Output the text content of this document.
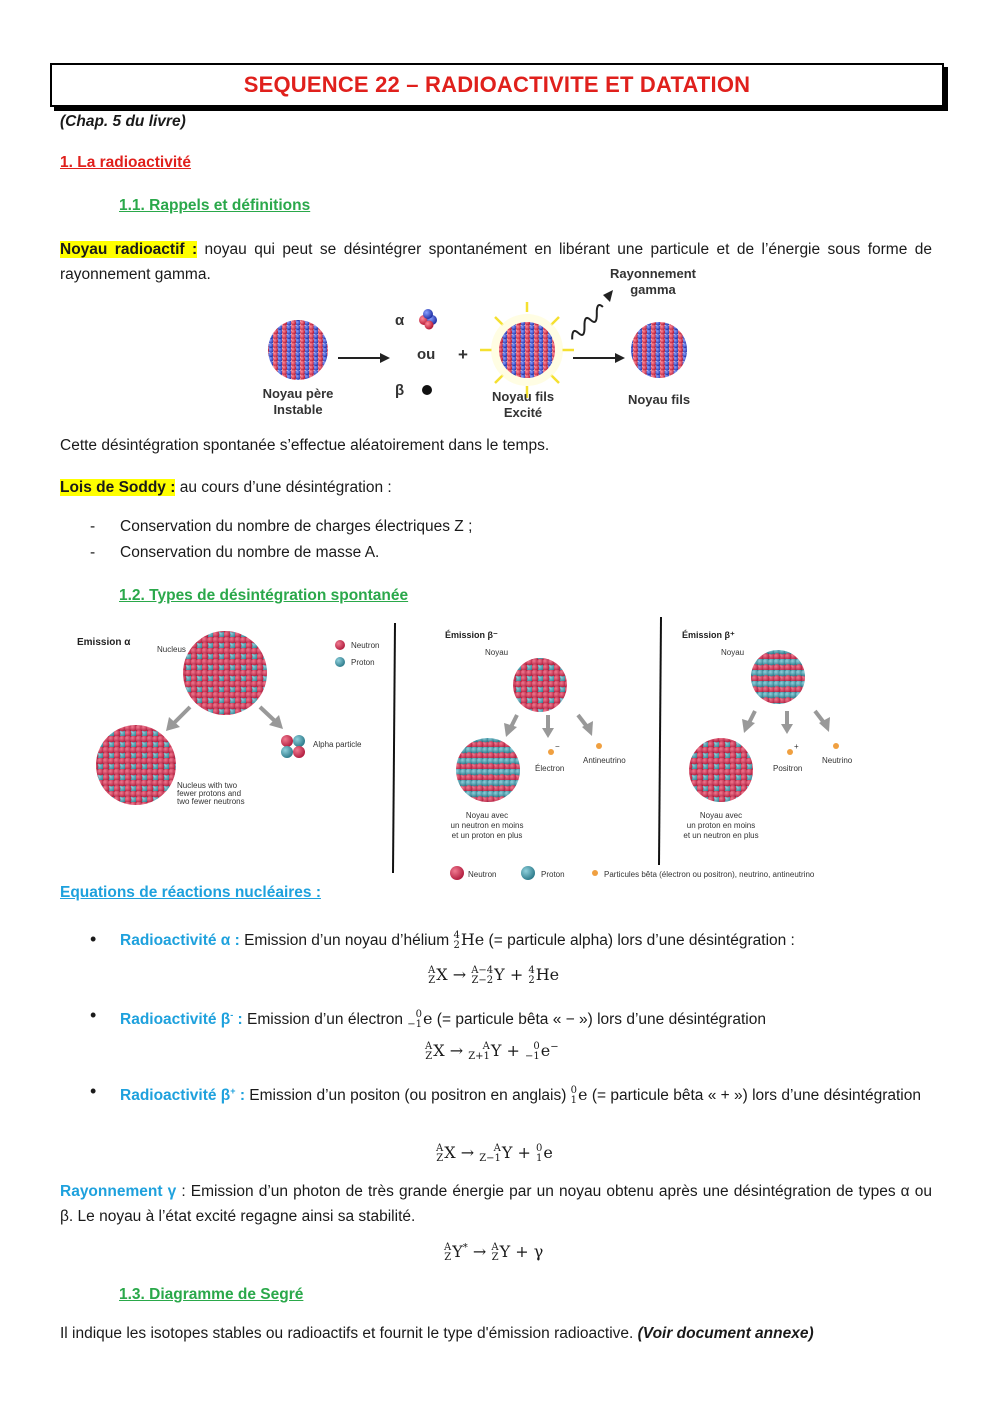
SEQUENCE 22 – RADIOACTIVITE ET DATATION
(Chap. 5 du livre)
1. La radioactivité
1.1. Rappels et définitions
Noyau radioactif : noyau qui peut se désintégrer spontanément en libérant une particule et de l’énergie sous forme de rayonnement gamma.
Noyau père
Instable
α
ou
β
+
Noyau fils
Excité
Rayonnement
gamma
Noyau fils
Cette désintégration spontanée s’effectue aléatoirement dans le temps.
Lois de Soddy : au cours d’une désintégration :
- Conservation du nombre de charges électriques Z ;
- Conservation du nombre de masse A.
1.2. Types de désintégration spontanée
Emission α
Nucleus	Neutron
Proton
Alpha particle
Nucleus with two
fewer protons and
two fewer neutrons
Émission β⁻
Noyau
−
Électron
Antineutrino
Noyau avec
un neutron en moins
et un proton en plus
Émission β⁺
Noyau
+
Positron
Neutrino
Noyau avec
un proton en moins
et un neutron en plus
Neutron	Proton	Particules bêta (électron ou positron), neutrino, antineutrino
Equations de réactions nucléaires :
• Radioactivité α : Emission d’un noyau d’hélium 4
2 He (= particule alpha) lors d’une désintégration :
A
Z X → A−4
Z−2 Y + 4
2 He
• Radioactivité β- : Emission d’un électron 0
−1 e (= particule bêta « − ») lors d’une désintégration
A
Z X → A
Z+1 Y + 0
−1 e−
• Radioactivité β+ : Emission d’un positon (ou positron en anglais) 0
1 e (= particule bêta « + ») lors d’une désintégration
A
Z X → A
Z−1 Y + 0
1 e
Rayonnement γ : Emission d’un photon de très grande énergie par un noyau obtenu après une désintégration de types α ou β. Le noyau à l’état excité regagne ainsi sa stabilité.
A
Z Y* → A
Z Y + γ
1.3. Diagramme de Segré
Il indique les isotopes stables ou radioactifs et fournit le type d'émission radioactive. (Voir document annexe)
